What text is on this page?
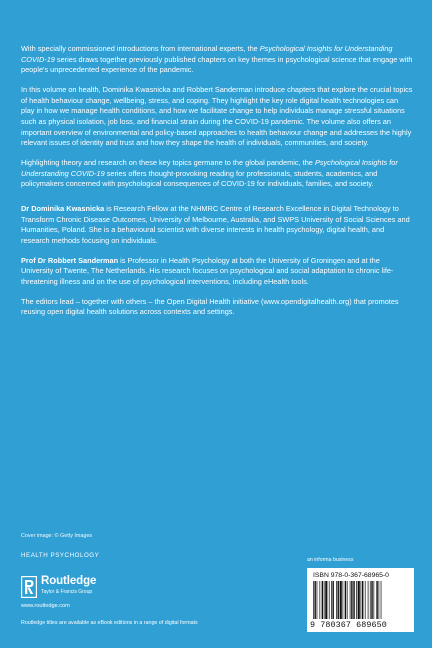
With specially commissioned introductions from international experts, the Psychological Insights for Understanding COVID-19 series draws together previously published chapters on key themes in psychological science that engage with people's unprecedented experience of the pandemic.

In this volume on health, Dominika Kwasnicka and Robbert Sanderman introduce chapters that explore the crucial topics of health behaviour change, wellbeing, stress, and coping. They highlight the key role digital health technologies can play in how we manage health conditions, and how we facilitate change to help individuals manage stressful situations such as physical isolation, job loss, and financial strain during the COVID-19 pandemic. The volume also offers an important overview of environmental and policy-based approaches to health behaviour change and addresses the highly relevant issues of identity and trust and how they shape the health of individuals, communities, and society.

Highlighting theory and research on these key topics germane to the global pandemic, the Psychological Insights for Understanding COVID-19 series offers thought-provoking reading for professionals, students, academics, and policymakers concerned with psychological consequences of COVID-19 for individuals, families, and society.

Dr Dominika Kwasnicka is Research Fellow at the NHMRC Centre of Research Excellence in Digital Technology to Transform Chronic Disease Outcomes, University of Melbourne, Australia, and SWPS University of Social Sciences and Humanities, Poland. She is a behavioural scientist with diverse interests in health psychology, digital health, and research methods focusing on individuals.

Prof Dr Robbert Sanderman is Professor in Health Psychology at both the University of Groningen and at the University of Twente, The Netherlands. His research focuses on psychological and social adaptation to chronic life-threatening illness and on the use of psychological interventions, including eHealth tools.

The editors lead – together with others – the Open Digital Health initiative (www.opendigitalhealth.org) that promotes reusing open digital health solutions across contexts and settings.

Cover image: © Getty Images
HEALTH PSYCHOLOGY
Routledge
Taylor & Francis Group
www.routledge.com
Routledge titles are available as eBook editions in a range of digital formats
an informa business
ISBN 978-0-367-68965-0
9 780367 689650
